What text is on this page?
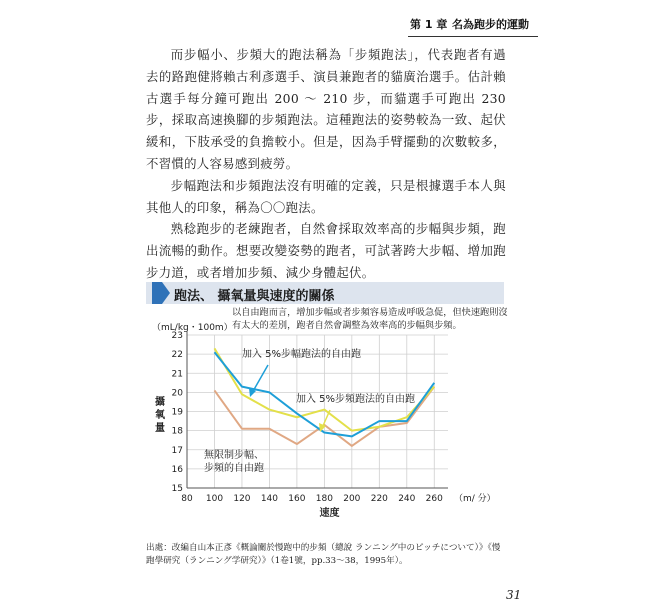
第 1 章 名為跑步的運動

而步幅小、步頻大的跑法稱為「步頻跑法」，代表跑者有過去的路跑健將賴古利彥選手、演員兼跑者的貓廣治選手。估計賴古選手每分鐘可跑出 200 ～ 210 步，而貓選手可跑出 230 步，採取高速換腳的步頻跑法。這種跑法的姿勢較為一致、起伏緩和，下肢承受的負擔較小。但是，因為手臂擺動的次數較多，不習慣的人容易感到疲勞。

步幅跑法和步頻跑法沒有明確的定義，只是根據選手本人與其他人的印象，稱為〇〇跑法。

熟稔跑步的老練跑者，自然會採取效率高的步幅與步頻，跑出流暢的動作。想要改變姿勢的跑者，可試著跨大步幅、增加跑步力道，或者增加步頻、減少身體起伏。

跑法、 攝氧量與速度的關係
以自由跑而言，增加步幅或者步頻容易造成呼吸急促，但快速跑則沒有太大的差別，跑者自然會調整為效率高的步幅與步頻。
（mL/kg・100m）
15
16
17
18
19
20
21
22
23
80 100 120 140 160 180 200 220 240 260 （m/ 分）
速度
攝氧量
加入 5%步幅跑法的自由跑
加入 5%步頻跑法的自由跑
無限制步幅、步頻的自由跑
出處：改編自山本正彥《概論關於慢跑中的步頻（總說 ランニング中のピッチについて）》《慢跑學研究（ランニング学研究）》（1卷1號，pp.33～38，1995年）。
31
